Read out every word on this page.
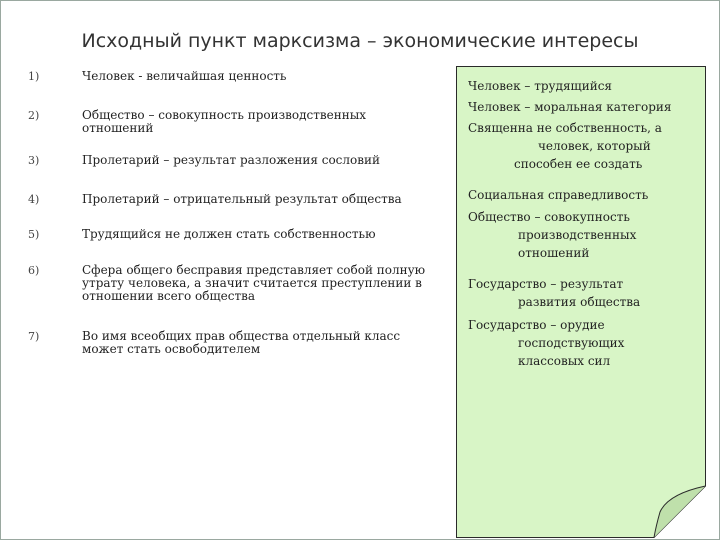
Исходный пункт марксизма – экономические интересы
1)	Человек - величайшая ценность
2)	Общество – совокупность производственных отношений
3)	Пролетарий – результат разложения сословий
4)	Пролетарий – отрицательный результат общества
5)	Трудящийся не должен стать собственностью
6)	Сфера общего бесправия представляет собой полную утрату человека, а значит считается преступлении в отношении всего общества
7)	Во имя всеобщих прав общества отдельный класс может стать освободителем
Человек – трудящийся
Человек – моральная категория
Священна не собственность, а
человек, который
способен ее создать
Социальная справедливость
Общество – совокупность
производственных
отношений
Государство – результат
развития общества
Государство – орудие
господствующих
классовых сил
